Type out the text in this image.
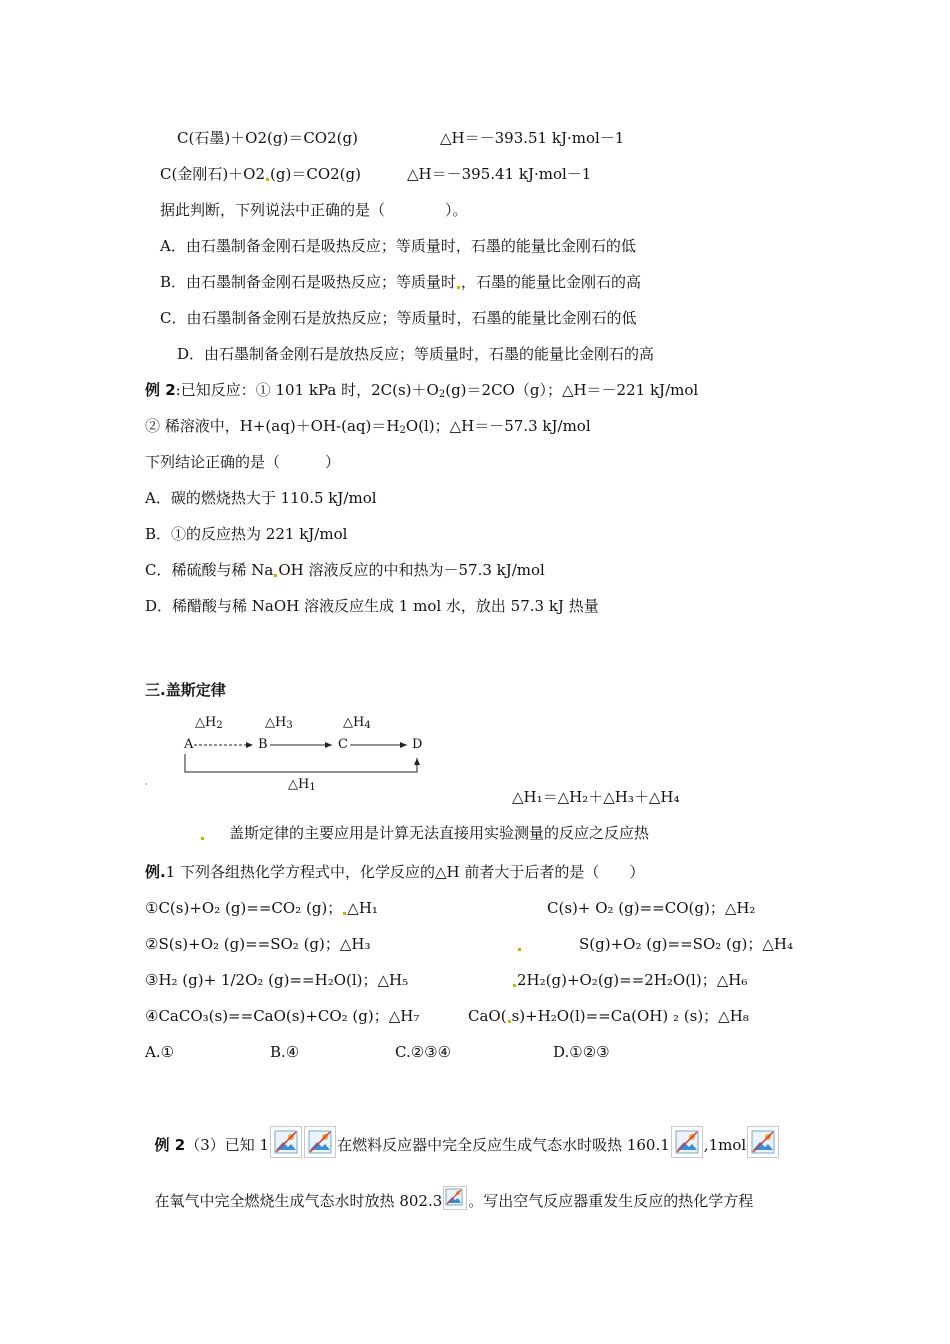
C(石墨)＋O2(g)＝CO2(g)	△H＝－393.51 kJ·mol－1
C(金刚石)＋O2 (g)＝CO2(g)	△H＝－395.41 kJ·mol－1
据此判断，下列说法中正确的是（　　　　）。
A．由石墨制备金刚石是吸热反应；等质量时，石墨的能量比金刚石的低
B．由石墨制备金刚石是吸热反应；等质量时 ，石墨的能量比金刚石的高
C．由石墨制备金刚石是放热反应；等质量时，石墨的能量比金刚石的低
D．由石墨制备金刚石是放热反应；等质量时，石墨的能量比金刚石的高
例 2:已知反应：① 101 kPa 时，$2C(s)+O_2(g)=2CO(g)$；△H＝－221 kJ/mol
② 稀溶液中，$H+(aq)+OH-(aq)=H_2O(l)$；△H＝－57.3 kJ/mol
下列结论正确的是（　　　）
A．碳的燃烧热大于 110.5 kJ/mol
B．①的反应热为 221 kJ/mol
C．稀硫酸与稀 Na OH 溶液反应的中和热为－57.3 kJ/mol
D．稀醋酸与稀 NaOH 溶液反应生成 1 mol 水，放出 57.3 kJ 热量
三.盖斯定律
$\triangle H_2$	$\triangle H_3$	$\triangle H_4$
A	B	C	D
$\triangle H_1$
△H₁＝△H₂＋△H₃＋△H₄
盖斯定律的主要应用是计算无法直接用实验测量的反应之反应热
例.1 下列各组热化学方程式中，化学反应的△H 前者大于后者的是（　　）
①C(s)+O₂ (g)==CO₂ (g)； △H₁	C(s)+ O₂ (g)==CO(g)；△H₂
②S(s)+O₂ (g)==SO₂ (g)；△H₃	S(g)+O₂ (g)==SO₂ (g)；△H₄
③H₂ (g)+ 1/2O₂ (g)==H₂O(l)；△H₅	2H₂(g)+O₂(g)==2H₂O(l)；△H₆
④CaCO₃(s)==CaO(s)+CO₂ (g)；△H₇	CaO( s)+H₂O(l)==Ca(OH) ₂ (s)；△H₈
A.①	B.④	C.②③④	D.①②③

例 2（3）已知 1	在燃料反应器中完全反应生成气态水时吸热 160.1 ,1mol

在氧气中完全燃烧生成气态水时放热 802.3 。写出空气反应器重发生反应的热化学方程
